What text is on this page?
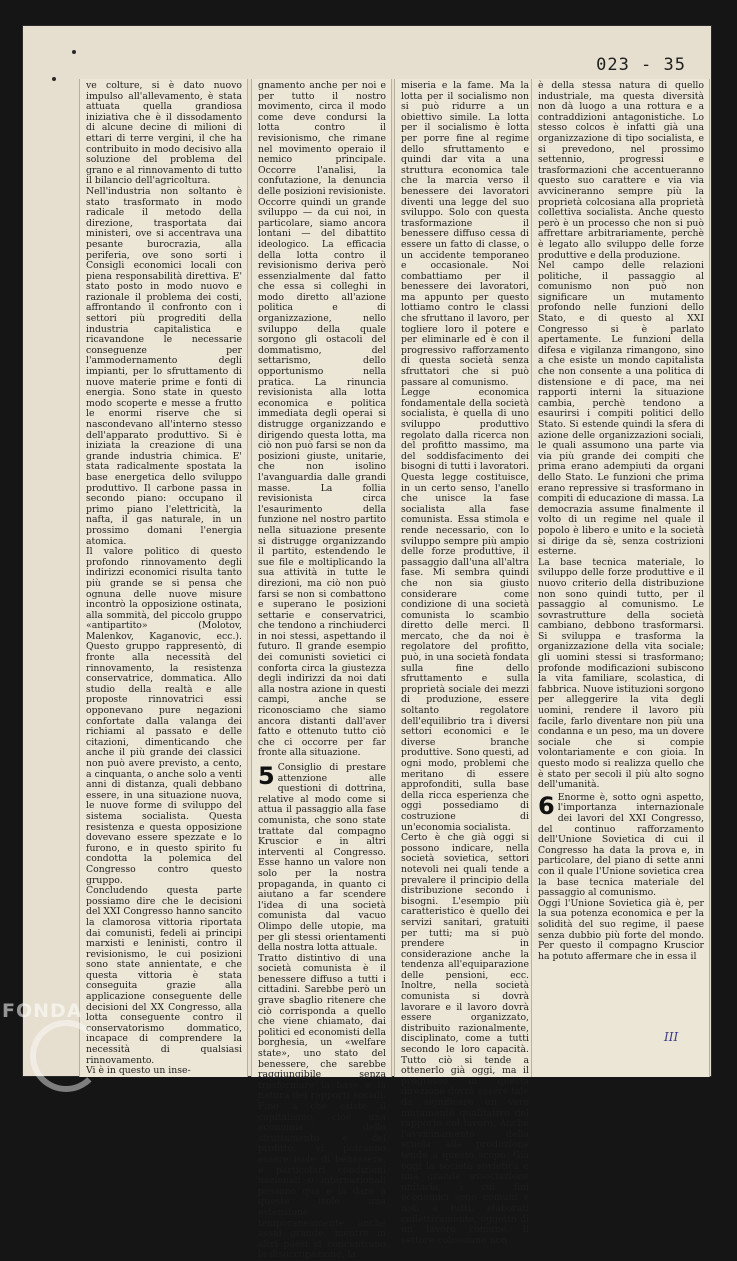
023 - 35
ve colture, si è dato nuovo impulso all'allevamento, è stata attuata quella grandiosa iniziativa che è il dissodamento di alcune decine di milioni di ettari di terre vergini, il che ha contribuito in modo decisivo alla soluzione del problema del grano e al rinnovamento di tutto il bilancio dell'agricoltura.
Nell'industria non soltanto è stato trasformato in modo radicale il metodo della direzione, trasportata dai ministeri, ove si accentrava una pesante burocrazia, alla periferia, ove sono sorti i Consigli economici locali con piena responsabilità direttiva. E' stato posto in modo nuovo e razionale il problema dei costi, affrontando il confronto con i settori più progrediti della industria capitalistica e ricavandone le necessarie conseguenze per l'ammodernamento degli impianti, per lo sfruttamento di nuove materie prime e fonti di energia. Sono state in questo modo scoperte e messe a frutto le enormi riserve che si nascondevano all'interno stesso dell'apparato produttivo. Si è iniziata la creazione di una grande industria chimica. E' stata radicalmente spostata la base energetica dello sviluppo produttivo. Il carbone passa in secondo piano: occupano il primo piano l'elettricità, la nafta, il gas naturale, in un prossimo domani l'energia atomica.
Il valore politico di questo profondo rinnovamento degli indirizzi economici risulta tanto più grande se si pensa che ognuna delle nuove misure incontrò la opposizione ostinata, alla sommità, del piccolo gruppo «antipartito» (Molotov, Malenkov, Kaganovic, ecc.). Questo gruppo rappresentò, di fronte alla necessità del rinnovamento, la resistenza conservatrice, dommatica. Allo studio della realtà e alle proposte rinnovatrici essi opponevano pure negazioni confortate dalla valanga dei richiami al passato e delle citazioni, dimenticando che anche il più grande dei classici non può avere previsto, a cento, a cinquanta, o anche solo a venti anni di distanza, quali debbano essere, in una situazione nuova, le nuove forme di sviluppo del sistema socialista. Questa resistenza e questa opposizione dovevano essere spezzate e lo furono, e in questo spirito fu condotta la polemica del Congresso contro questo gruppo.
Concludendo questa parte possiamo dire che le decisioni del XXI Congresso hanno sancito la clamorosa vittoria riportata dai comunisti, fedeli ai principi marxisti e leninisti, contro il revisionismo, le cui posizioni sono state annientate, e che questa vittoria è stata conseguita grazie alla applicazione conseguente delle decisioni del XX Congresso, alla lotta conseguente contro il conservatorismo dommatico, incapace di comprendere la necessità di qualsiasi rinnovamento.
Vi è in questo un inse-
gnamento anche per noi e per tutto il nostro movimento, circa il modo come deve condursi la lotta contro il revisionismo, che rimane nel movimento operaio il nemico principale. Occorre l'analisi, la confutazione, la denuncia delle posizioni revisioniste. Occorre quindi un grande sviluppo — da cui noi, in particolare, siamo ancora lontani — del dibattito ideologico. La efficacia della lotta contro il revisionismo deriva però essenzialmente dal fatto che essa si colleghi in modo diretto all'azione politica e di organizzazione, nello sviluppo della quale sorgono gli ostacoli del dommatismo, del settarismo, dello opportunismo nella pratica. La rinuncia revisionista alla lotta economica e politica immediata degli operai si distrugge organizzando e dirigendo questa lotta, ma ciò non può farsi se non da posizioni giuste, unitarie, che non isolino l'avanguardia dalle grandi masse. La follia revisionista circa l'esaurimento della funzione nel nostro partito nella situazione presente si distrugge organizzando il partito, estendendo le sue file e moltiplicando la sua attività in tutte le direzioni, ma ciò non può farsi se non si combattono e superano le posizioni settarie e conservatrici, che tendono a rinchiuderci in noi stessi, aspettando il futuro. Il grande esempio dei comunisti sovietici ci conforta circa la giustezza degli indirizzi da noi dati alla nostra azione in questi campi, anche se riconosciamo che siamo ancora distanti dall'aver fatto e ottenuto tutto ciò che ci occorre per far fronte alla situazione.
5 Consiglio di prestare attenzione alle questioni di dottrina, relative al modo come si attua il passaggio alla fase comunista, che sono state trattate dal compagno Kruscior e in altri interventi al Congresso. Esse hanno un valore non solo per la nostra propaganda, in quanto ci aiutano a far scendere l'idea di una società comunista dal vacuo Olimpo delle utopie, ma per gli stessi orientamenti della nostra lotta attuale.
Tratto distintivo di una società comunista è il benessere diffuso a tutti i cittadini. Sarebbe però un grave sbaglio ritenere che ciò corrisponda a quello che viene chiamato, dai politici ed economisti della borghesia, un «welfare state», uno stato del benessere, che sarebbe raggiungibile senza trasformare la base e la natura dei rapporti sociali. Fino a che esiste il capitalismo, cioè una economia dello sfruttamento e del profitto, vi potranno essere isole di benessere, e particolari condizioni nazionali o internazionali possono qua e là dare a queste isole una estensione temporaneamente anche assai grande, mentre in altri paesi si concentrano la disoccupazione, la
miseria e la fame. Ma la lotta per il socialismo non si può ridurre a un obiettivo simile. La lotta per il socialismo è lotta per porre fine al regime dello sfruttamento e quindi dar vita a una struttura economica tale che la marcia verso il benessere dei lavoratori diventi una legge del suo sviluppo. Solo con questa trasformazione il benessere diffuso cessa di essere un fatto di classe, o un accidente temporaneo e occasionale. Noi combattiamo per il benessere dei lavoratori, ma appunto per questo lottiamo contro le classi che sfruttano il lavoro, per togliere loro il potere e per eliminarle ed è con il progressivo rafforzamento di questa società senza sfruttatori che si può passare al comunismo.
Legge economica fondamentale della società socialista, è quella di uno sviluppo produttivo regolato dalla ricerca non del profitto massimo, ma del soddisfacimento dei bisogni di tutti i lavoratori. Questa legge costituisce, in un certo senso, l'anello che unisce la fase socialista alla fase comunista. Essa stimola e rende necessario, con lo sviluppo sempre più ampio delle forze produttive, il passaggio dall'una all'altra fase. Mi sembra quindi che non sia giusto considerare come condizione di una società comunista lo scambio diretto delle merci. Il mercato, che da noi è regolatore del profitto, può, in una società fondata sulla fine dello sfruttamento e sulla proprietà sociale dei mezzi di produzione, essere soltanto regolatore dell'equilibrio tra i diversi settori economici e le diverse branche produttive. Sono questi, ad ogni modo, problemi che meritano di essere approfonditi, sulla base della ricca esperienza che oggi possediamo di costruzione di un'economia socialista.
Certo è che già oggi si possono indicare, nella società sovietica, settori notevoli nei quali tende a prevalere il principio della distribuzione secondo i bisogni. L'esempio più caratteristico è quello dei servizi sanitari, gratuiti per tutti; ma si può prendere in considerazione anche la tendenza all'equiparazione delle pensioni, ecc. Inoltre, nella società comunista si dovrà lavorare e il lavoro dovrà essere organizzato, distribuito razionalmente, disciplinato, come a tutti secondo le loro capacità. Tutto ciò si tende a ottenerlo già oggi, ma il progresso in questa direzione dovrà essere tale da significare un vero mutamento qualitativo del rapporto col lavoro. Anche l'avvicinamento della scuola alla produzione tende a questo scopo. Già oggi la società sovietica è una grande associazione unitaria, i cui fini economici sono comuni e noti a tutti, elaborati collettivamente, oggetto di un lavoro comune. Il settore colcosiano non
è della stessa natura di quello industriale, ma questa diversità non dà luogo a una rottura e a contraddizioni antagonistiche. Lo stesso colcos è infatti già una organizzazione di tipo socialista, e si prevedono, nel prossimo settennio, progressi e trasformazioni che accentueranno questo suo carattere e via via avvicineranno sempre più la proprietà colcosiana alla proprietà collettiva socialista. Anche questo però è un processo che non si può affrettare arbitrariamente, perchè è legato allo sviluppo delle forze produttive e della produzione.
Nel campo delle relazioni politiche, il passaggio al comunismo non può non significare un mutamento profondo nelle funzioni dello Stato, e di questo al XXI Congresso si è parlato apertamente. Le funzioni della difesa e vigilanza rimangono, sino a che esiste un mondo capitalista che non consente a una politica di distensione e di pace, ma nei rapporti interni la situazione cambia, perchè tendono a esaurirsi i compiti politici dello Stato. Si estende quindi la sfera di azione delle organizzazioni sociali, le quali assumono una parte via via più grande dei compiti che prima erano adempiuti da organi dello Stato. Le funzioni che prima erano repressive si trasformano in compiti di educazione di massa. La democrazia assume finalmente il volto di un regime nel quale il popolo è libero e unito e la società si dirige da sè, senza costrizioni esterne.
La base tecnica materiale, lo sviluppo delle forze produttive e il nuovo criterio della distribuzione non sono quindi tutto, per il passaggio al comunismo. Le sovrastrutture della società cambiano, debbono trasformarsi. Si sviluppa e trasforma la organizzazione della vita sociale; gli uomini stessi si trasformano; profonde modificazioni subiscono la vita familiare, scolastica, di fabbrica. Nuove istituzioni sorgono per alleggerire la vita degli uomini, rendere il lavoro più facile, farlo diventare non più una condanna e un peso, ma un dovere sociale che si compie volontariamente e con gioia. In questo modo si realizza quello che è stato per secoli il più alto sogno dell'umanità.
6 Enorme è, sotto ogni aspetto, l'importanza internazionale dei lavori del XXI Congresso, del continuo rafforzamento dell'Unione Sovietica di cui il Congresso ha data la prova e, in particolare, del piano di sette anni con il quale l'Unione sovietica crea la base tecnica materiale del passaggio al comunismo.
Oggi l'Unione Sovietica già è, per la sua potenza economica e per la solidità del suo regime, il paese senza dubbio più forte del mondo. Per questo il compagno Kruscior ha potuto affermare che in essa il
FONDA
III
